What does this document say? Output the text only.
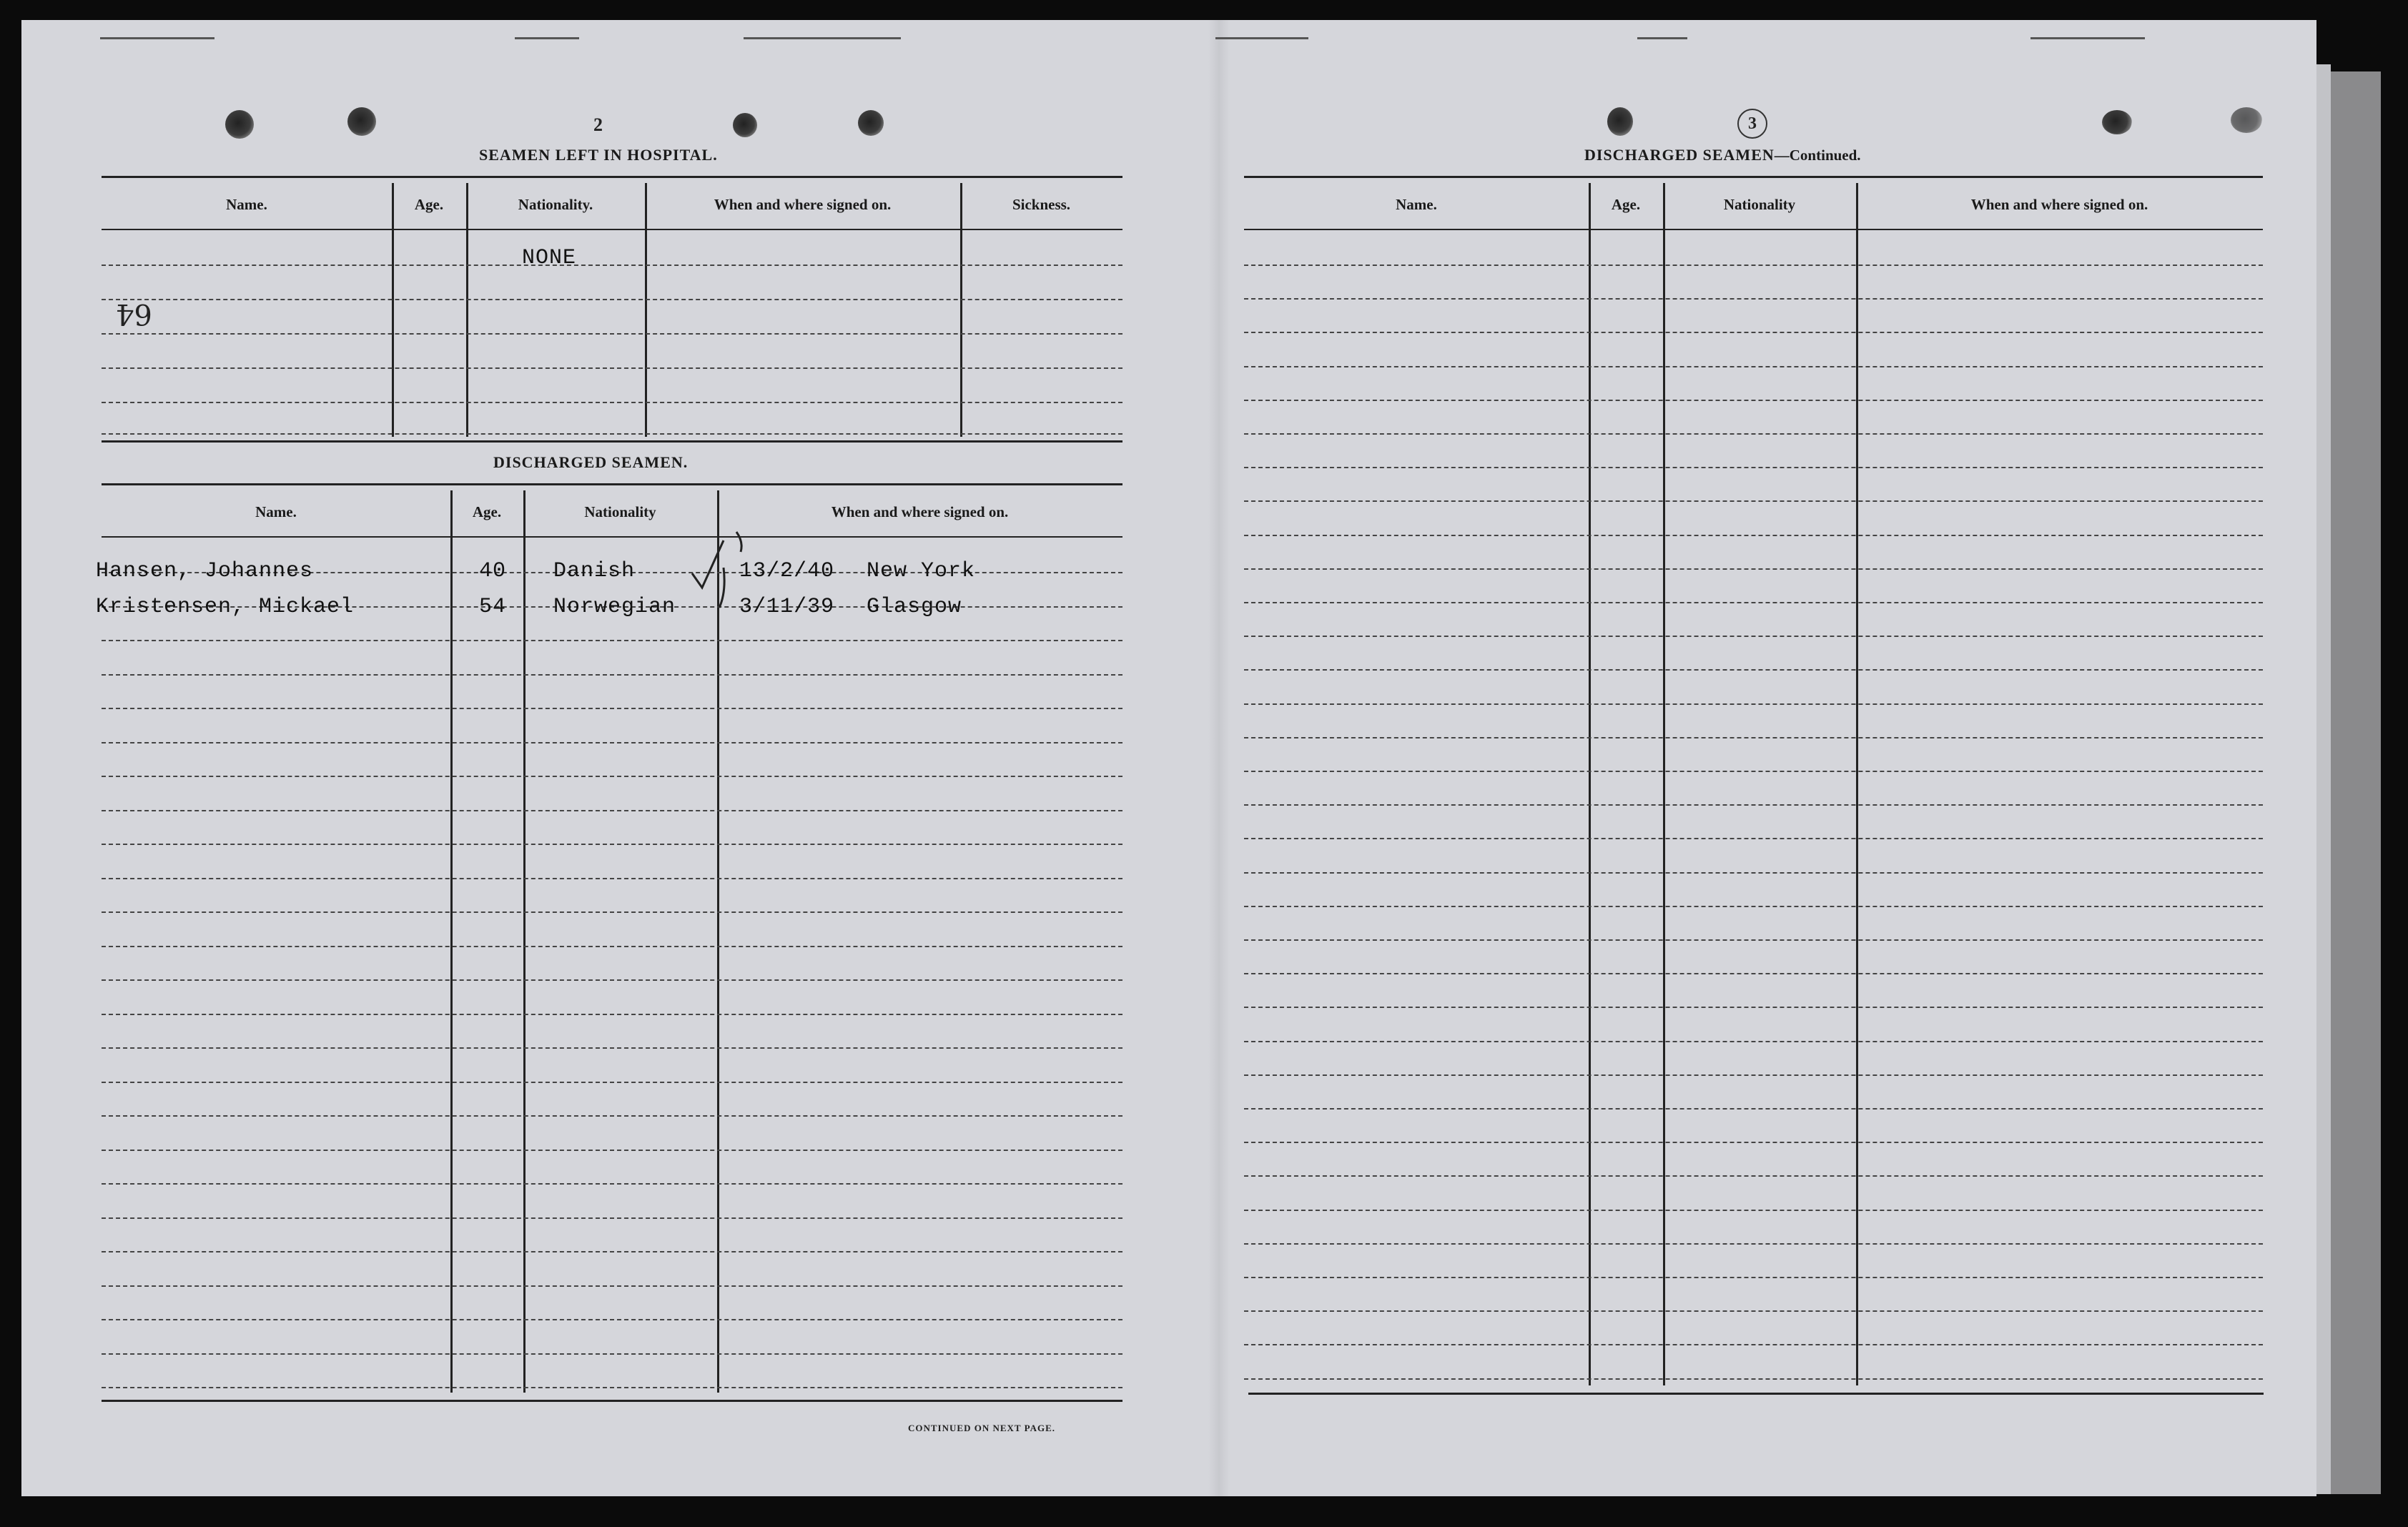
2
SEAMEN LEFT IN HOSPITAL.
Name.	Age.	Nationality.	When and where signed on.	Sickness.
NONE
64
DISCHARGED SEAMEN.
Name.	Age.	Nationality	When and where signed on.
Hansen, Johannes	40 Danish	13/2/40 New York
Kristensen, Mickael	54 Norwegian	3/11/39 Glasgow
CONTINUED ON NEXT PAGE.
3
DISCHARGED SEAMEN—Continued.
Name.	Age.	Nationality	When and where signed on.
